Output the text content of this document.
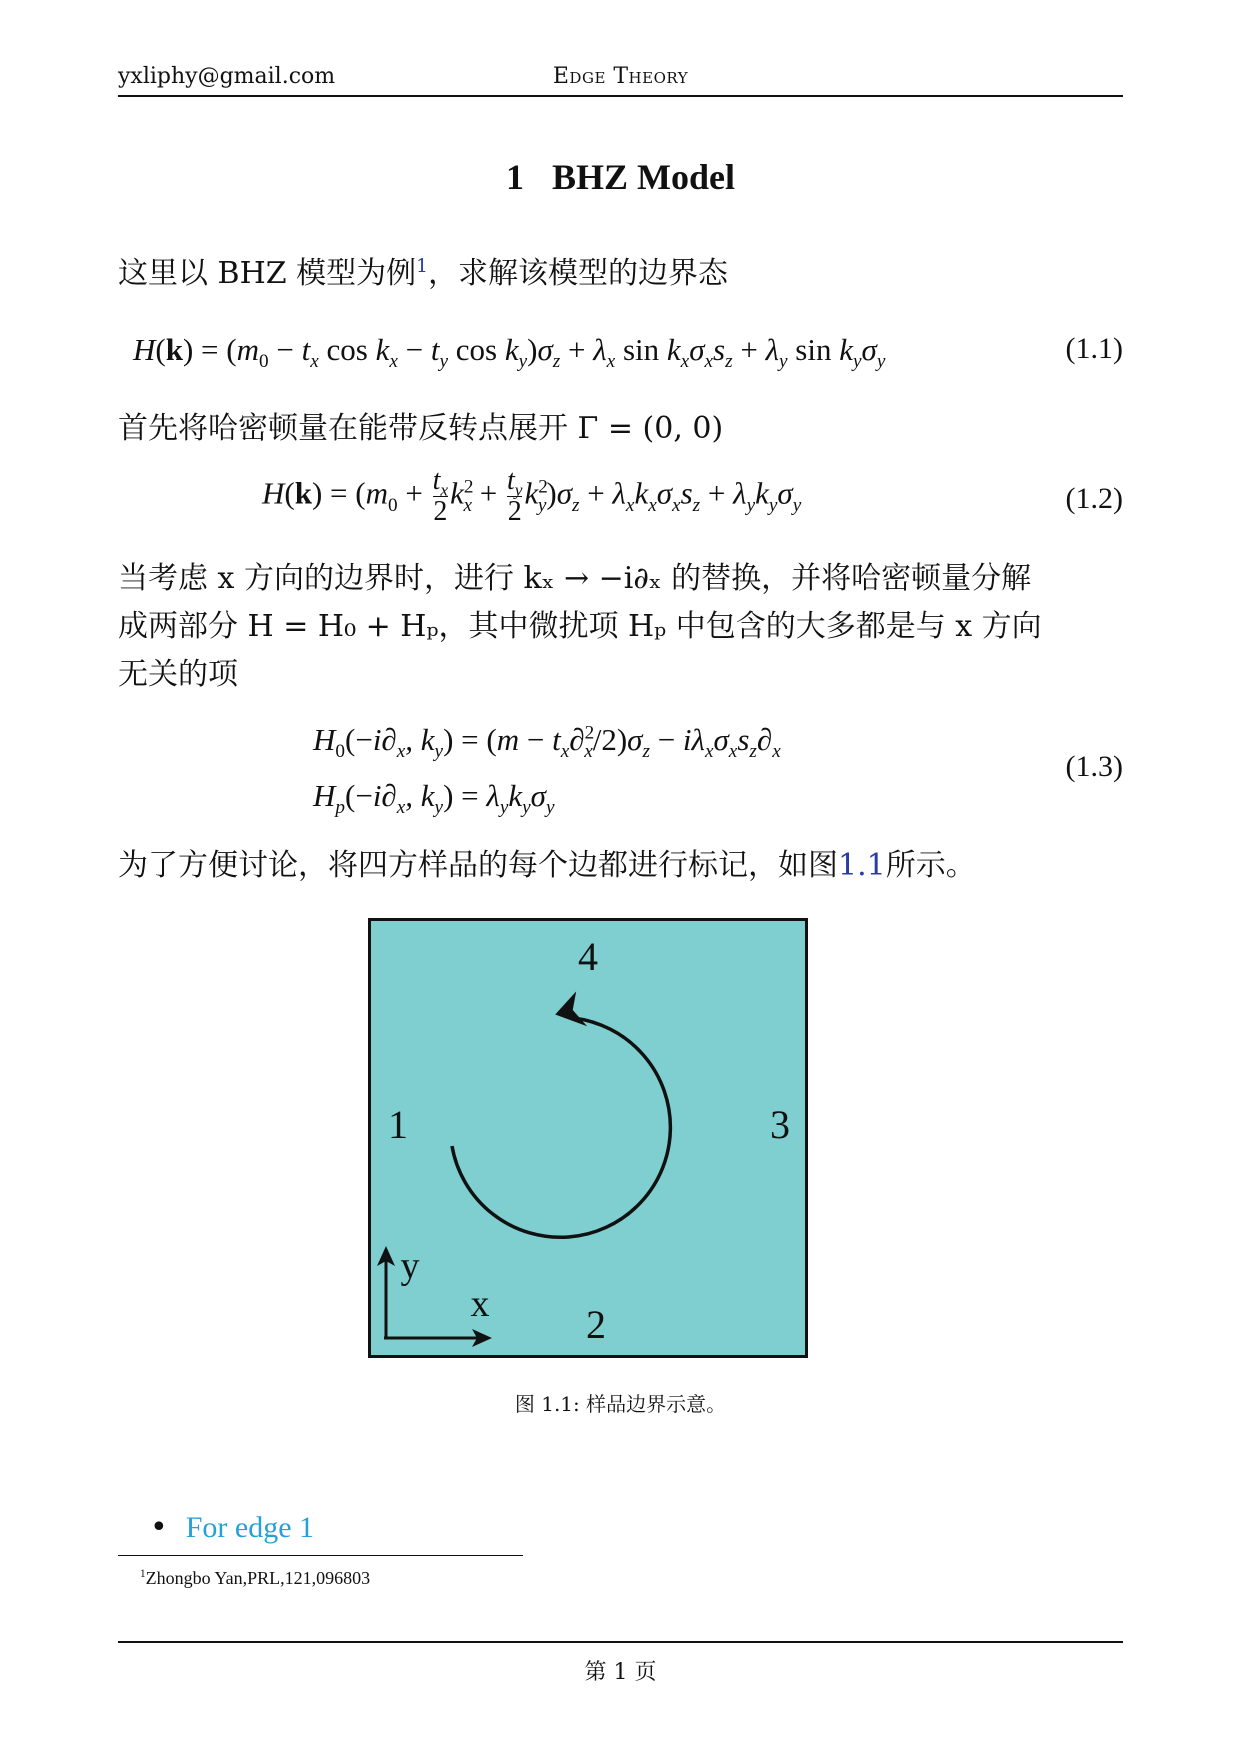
yxliphy@gmail.com	Edge Theory
1 BHZ Model
这里以 BHZ 模型为例$^1$，求解该模型的边界态
$H(k) = (m_0 - t_x$ $\cos k_x - t_y$ $\cos k_y)\sigma_z + \lambda_x$ $\sin k_x\sigma_xs_z + \lambda_y$ $\sin k_y\sigma_y$	(1.1)
首先将哈密顿量在能带反转点展开 Γ = (0, 0)
$H(k) = (m_0 + \frac{t_x}{2} k^2_x + \frac{t_y}{2} k^2_y)\sigma_z + \lambda_xk_x\sigma_xs_z + \lambda_yk_y\sigma_y$	(1.2)
当考虑 x 方向的边界时，进行 kₓ → −i∂ₓ 的替换，并将哈密顿量分解
成两部分 H = H₀ + Hₚ，其中微扰项 Hₚ 中包含的大多都是与 x 方向
无关的项
$H_0(-i\partial_x$, $k_y) = (m - t_x\partial^2_x/2)\sigma_z - i\lambda_x\sigma_xs_z\partial_x$
$H_p(-i\partial_x$, $k_y) = \lambda_yk_y\sigma_y$
(1.3)
为了方便讨论，将四方样品的每个边都进行标记，如图1.1所示。
4
1	3
2
x
y
图 1.1: 样品边界示意。
• For edge 1
$^1$Zhongbo Yan,PRL,121,096803
第 1 页
